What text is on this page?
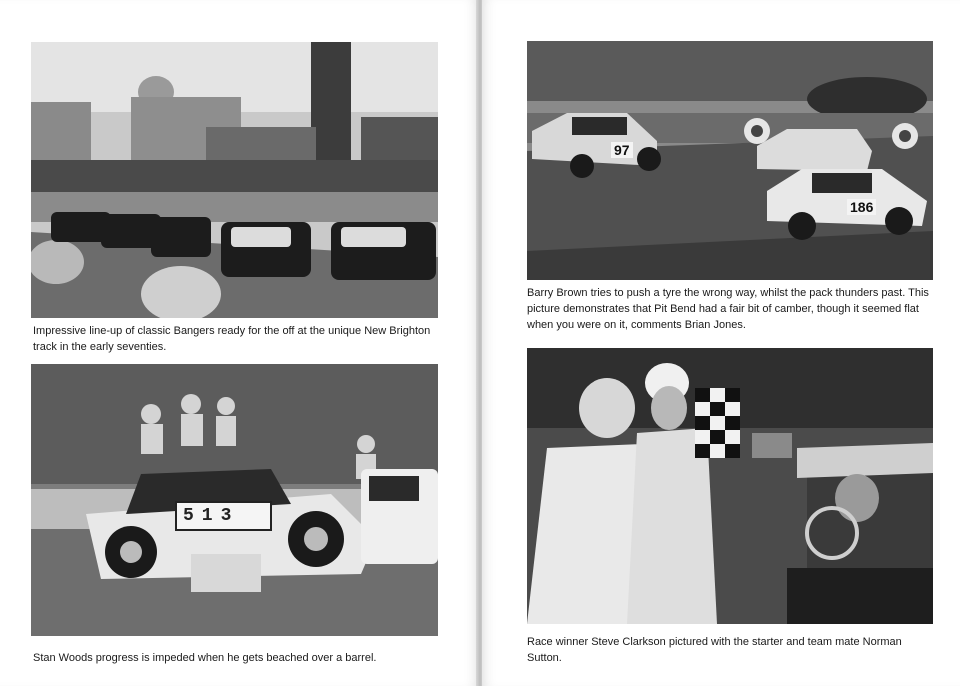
Impressive line-up of classic Bangers ready for the off at the unique New Brighton track in the early seventies.

513

Stan Woods progress is impeded when he gets beached over a barrel.

97
186

Barry Brown tries to push a tyre the wrong way, whilst the pack thunders past. This picture demonstrates that Pit Bend had a fair bit of camber, though it seemed flat when you were on it, comments Brian Jones.

Race winner Steve Clarkson pictured with the starter and team mate Norman Sutton.
